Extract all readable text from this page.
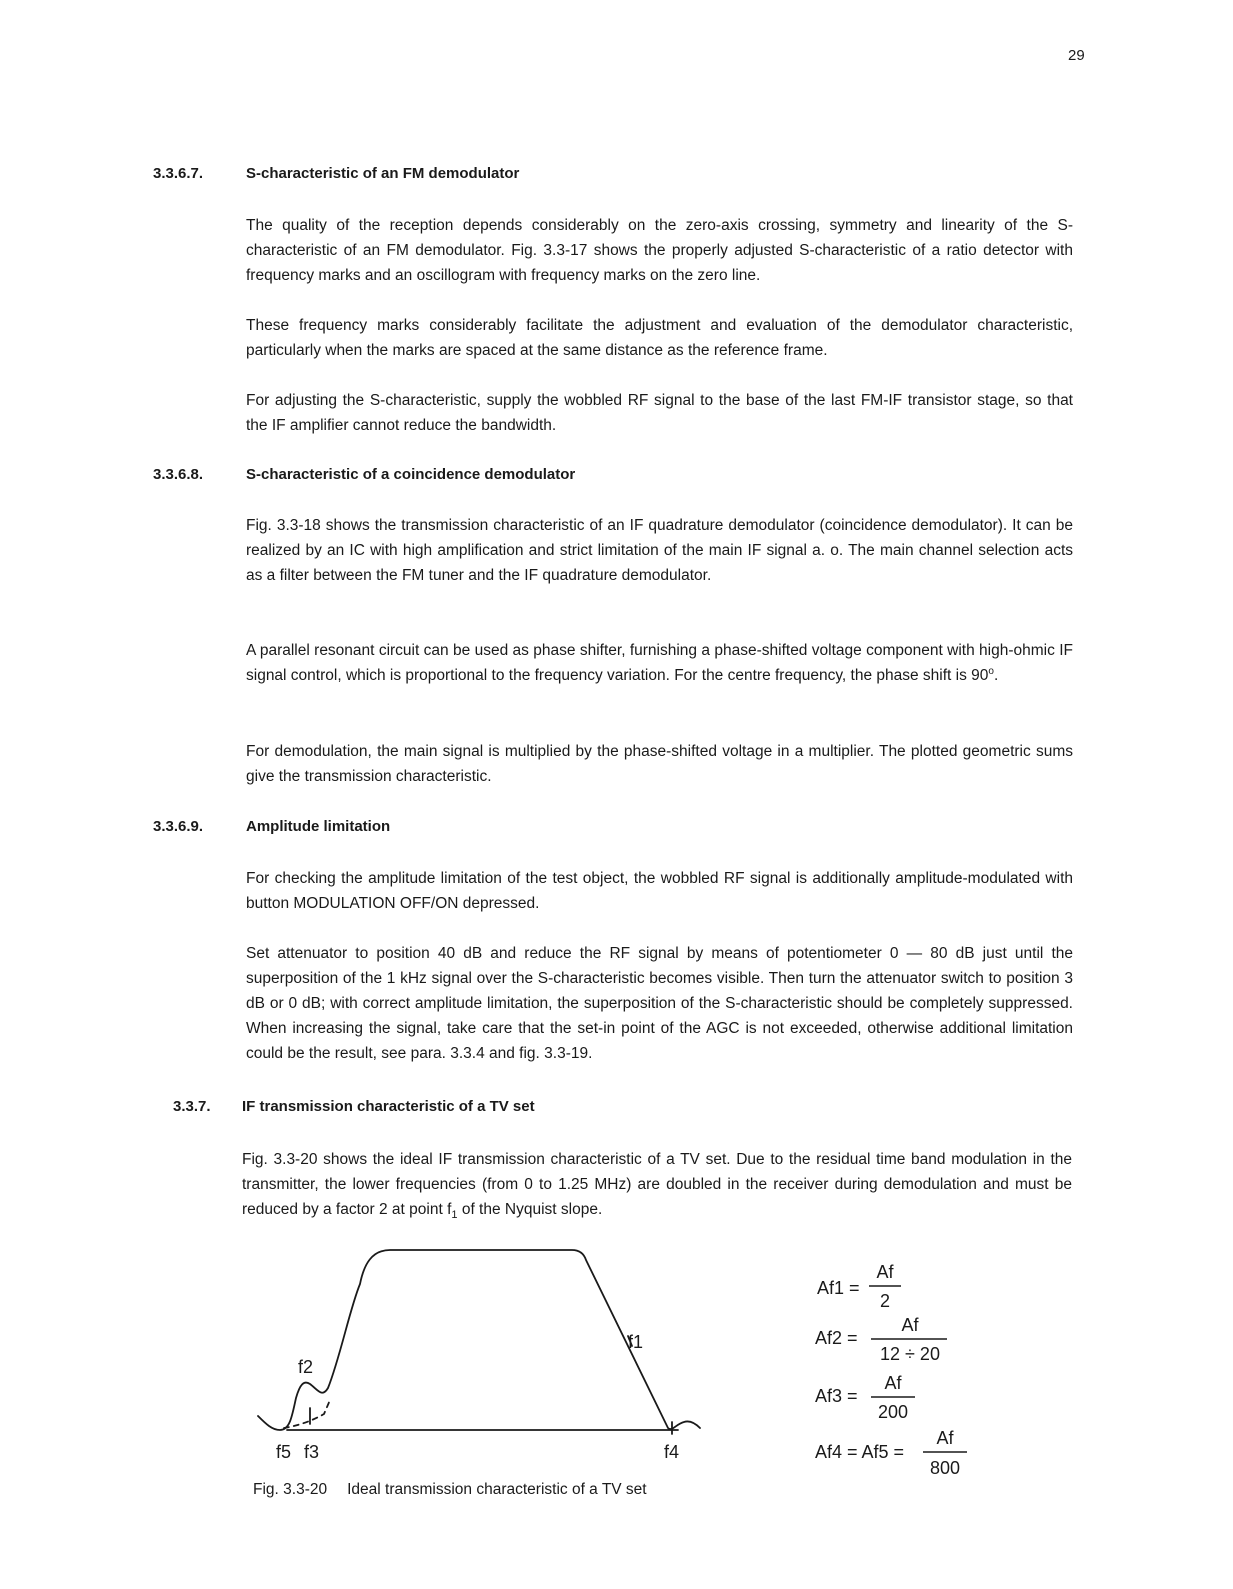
29
3.3.6.7.	S-characteristic of an FM demodulator

The quality of the reception depends considerably on the zero-axis crossing, symmetry and linearity of the S-characteristic of an FM demodulator. Fig. 3.3-17 shows the properly adjusted S-characteristic of a ratio detector with frequency marks and an oscillogram with frequency marks on the zero line.

These frequency marks considerably facilitate the adjustment and evaluation of the demodulator characteristic, particularly when the marks are spaced at the same distance as the reference frame.

For adjusting the S-characteristic, supply the wobbled RF signal to the base of the last FM-IF transistor stage, so that the IF amplifier cannot reduce the bandwidth.

3.3.6.8.	S-characteristic of a coincidence demodulator

Fig. 3.3-18 shows the transmission characteristic of an IF quadrature demodulator (coincidence demodulator). It can be realized by an IC with high amplification and strict limitation of the main IF signal a. o. The main channel selection acts as a filter between the FM tuner and the IF quadrature demodulator.

A parallel resonant circuit can be used as phase shifter, furnishing a phase-shifted voltage component with high-ohmic IF signal control, which is proportional to the frequency variation. For the centre frequency, the phase shift is 90$^o$.

For demodulation, the main signal is multiplied by the phase-shifted voltage in a multiplier. The plotted geometric sums give the transmission characteristic.

3.3.6.9.	Amplitude limitation

For checking the amplitude limitation of the test object, the wobbled RF signal is additionally amplitude-modulated with button MODULATION OFF/ON depressed.

Set attenuator to position 40 dB and reduce the RF signal by means of potentiometer 0 — 80 dB just until the superposition of the 1 kHz signal over the S-characteristic becomes visible. Then turn the attenuator switch to position 3 dB or 0 dB; with correct amplitude limitation, the superposition of the S-characteristic should be completely suppressed. When increasing the signal, take care that the set-in point of the AGC is not exceeded, otherwise additional limitation could be the result, see para. 3.3.4 and fig. 3.3-19.

3.3.7. IF transmission characteristic of a TV set

Fig. 3.3-20 shows the ideal IF transmission characteristic of a TV set. Due to the residual time band modulation in the transmitter, the lower frequencies (from 0 to 1.25 MHz) are doubled in the receiver during demodulation and must be reduced by a factor 2 at point $f_1$ of the Nyquist slope.

f2
f1
f5 f3	f4
Fig. 3.3-20 Ideal transmission characteristic of a TV set
Af1 =
Af
2
Af2 =
Af
12 ÷ 20
Af3 =
Af
200
Af4 = Af5 =
Af
800
